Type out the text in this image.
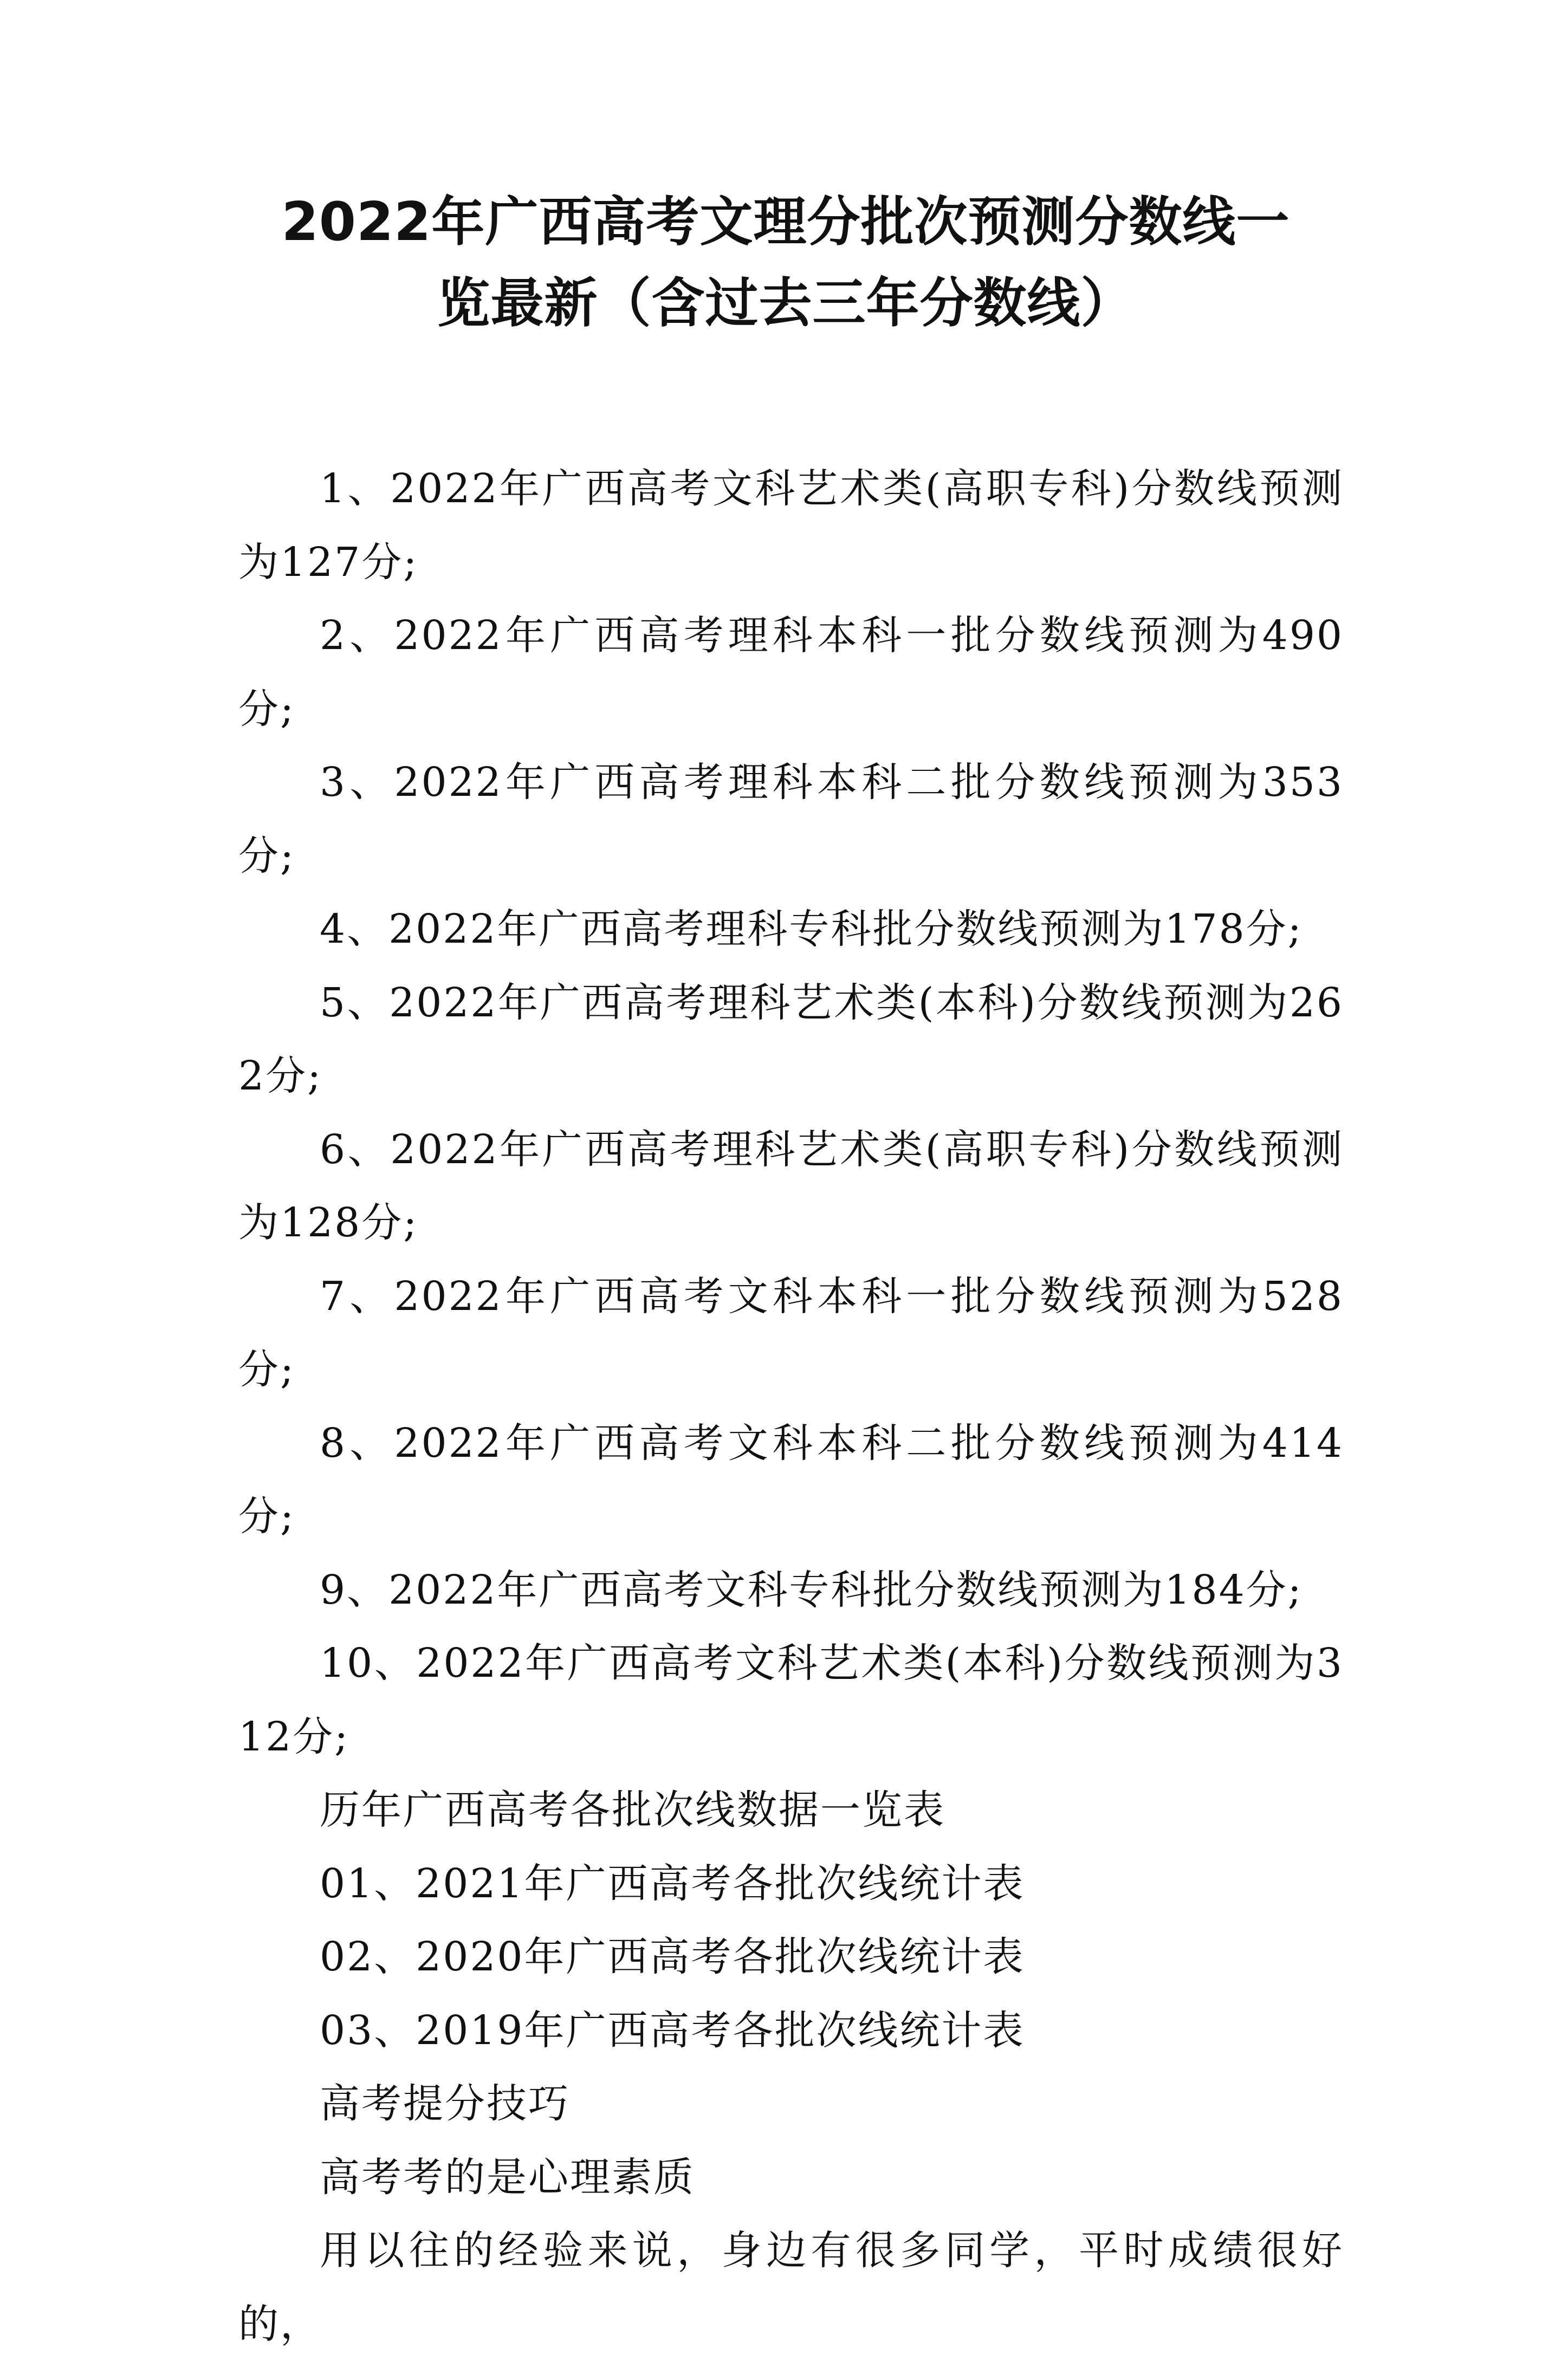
2022年广西高考文理分批次预测分数线一
览最新（含过去三年分数线）

1、2022年广西高考文科艺术类(高职专科)分数线预测为127分;

2、2022年广西高考理科本科一批分数线预测为490分;

3、2022年广西高考理科本科二批分数线预测为353分;

4、2022年广西高考理科专科批分数线预测为178分;

5、2022年广西高考理科艺术类(本科)分数线预测为262分;

6、2022年广西高考理科艺术类(高职专科)分数线预测为128分;

7、2022年广西高考文科本科一批分数线预测为528分;

8、2022年广西高考文科本科二批分数线预测为414分;

9、2022年广西高考文科专科批分数线预测为184分;

10、2022年广西高考文科艺术类(本科)分数线预测为312分;

历年广西高考各批次线数据一览表

01、2021年广西高考各批次线统计表

02、2020年广西高考各批次线统计表

03、2019年广西高考各批次线统计表

高考提分技巧

高考考的是心理素质

用以往的经验来说，身边有很多同学，平时成绩很好的，
